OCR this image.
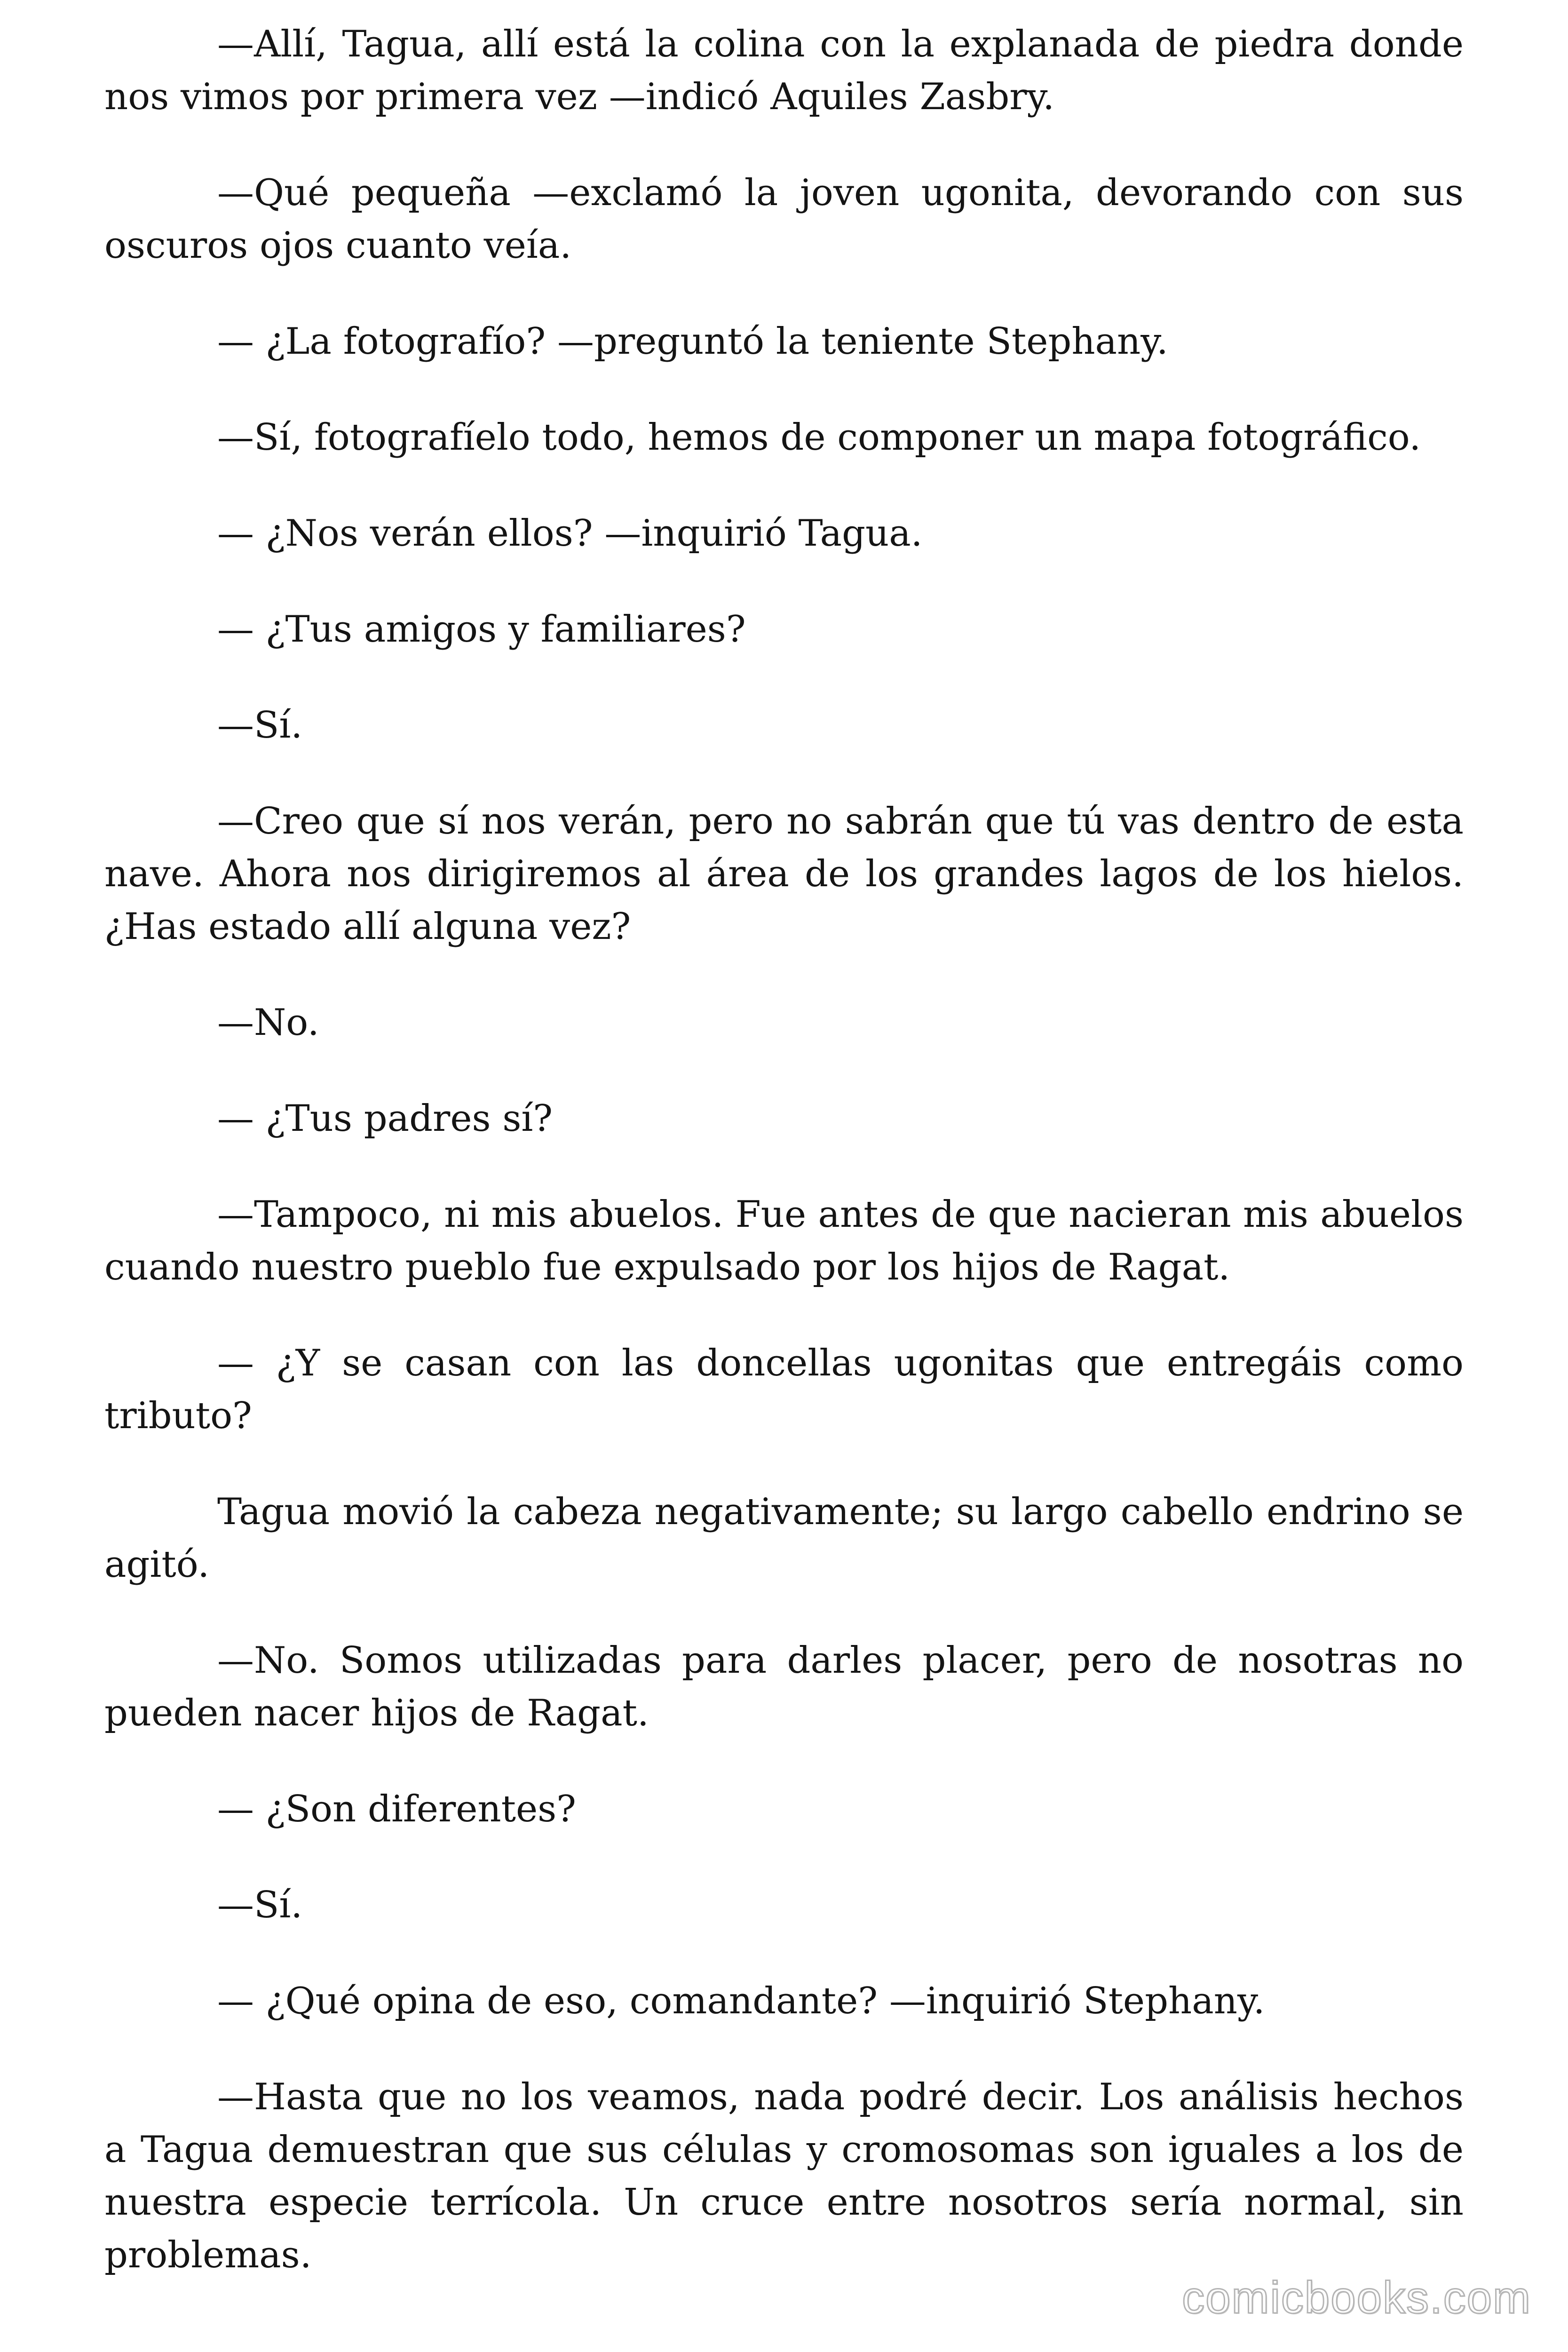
—Allí, Tagua, allí está la colina con la explanada de piedra donde nos vimos por primera vez —indicó Aquiles Zasbry.

—Qué pequeña —exclamó la joven ugonita, devorando con sus oscuros ojos cuanto veía.

— ¿La fotografío? —preguntó la teniente Stephany.

—Sí, fotografíelo todo, hemos de componer un mapa fotográfico.

— ¿Nos verán ellos? —inquirió Tagua.

— ¿Tus amigos y familiares?

—Sí.

—Creo que sí nos verán, pero no sabrán que tú vas dentro de esta nave. Ahora nos dirigiremos al área de los grandes lagos de los hielos. ¿Has estado allí alguna vez?

—No.

— ¿Tus padres sí?

—Tampoco, ni mis abuelos. Fue antes de que nacieran mis abuelos cuando nuestro pueblo fue expulsado por los hijos de Ragat.

— ¿Y se casan con las doncellas ugonitas que entregáis como tributo?

Tagua movió la cabeza negativamente; su largo cabello endrino se agitó.

—No. Somos utilizadas para darles placer, pero de nosotras no pueden nacer hijos de Ragat.

— ¿Son diferentes?

—Sí.

— ¿Qué opina de eso, comandante? —inquirió Stephany.

—Hasta que no los veamos, nada podré decir. Los análisis hechos a Tagua demuestran que sus células y cromosomas son iguales a los de nuestra especie terrícola. Un cruce entre nosotros sería normal, sin problemas.

comicbooks.com
